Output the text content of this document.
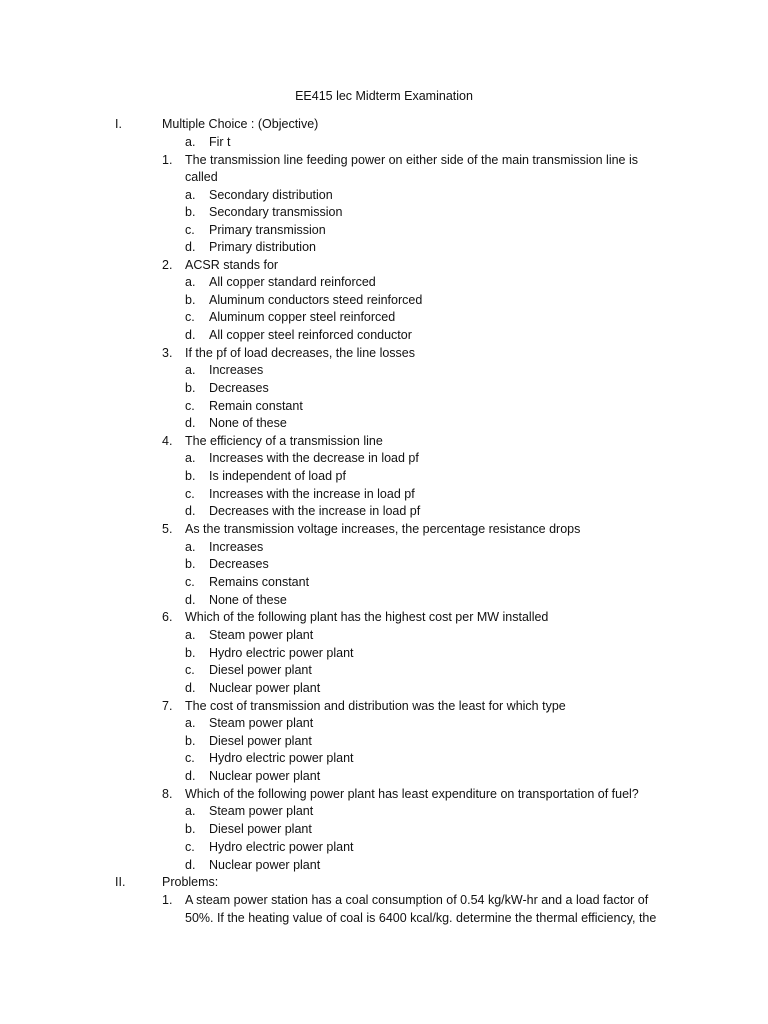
EE415 lec Midterm Examination
I.	Multiple Choice : (Objective)
a. Fir t
1. The transmission line feeding power on either side of the main transmission line is
called
a. Secondary distribution
b. Secondary transmission
c. Primary transmission
d. Primary distribution
2. ACSR stands for
a. All copper standard reinforced
b. Aluminum conductors steed reinforced
c. Aluminum copper steel reinforced
d. All copper steel reinforced conductor
3. If the pf of load decreases, the line losses
a. Increases
b. Decreases
c. Remain constant
d. None of these
4. The efficiency of a transmission line
a. Increases with the decrease in load pf
b. Is independent of load pf
c. Increases with the increase in load pf
d. Decreases with the increase in load pf
5. As the transmission voltage increases, the percentage resistance drops
a. Increases
b. Decreases
c. Remains constant
d. None of these
6. Which of the following plant has the highest cost per MW installed
a. Steam power plant
b. Hydro electric power plant
c. Diesel power plant
d. Nuclear power plant
7. The cost of transmission and distribution was the least for which type
a. Steam power plant
b. Diesel power plant
c. Hydro electric power plant
d. Nuclear power plant
8. Which of the following power plant has least expenditure on transportation of fuel?
a. Steam power plant
b. Diesel power plant
c. Hydro electric power plant
d. Nuclear power plant
II.	Problems:
1. A steam power station has a coal consumption of 0.54 kg/kW-hr and a load factor of
50%. If the heating value of coal is 6400 kcal/kg. determine the thermal efficiency, the
